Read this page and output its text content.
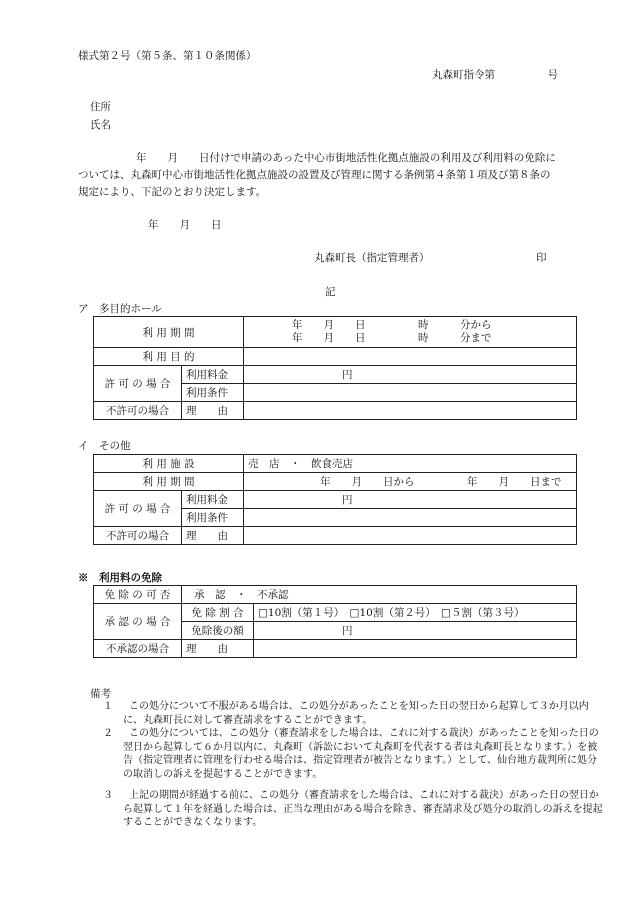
様式第２号（第５条、第１０条関係）
丸森町指令第　　　　　号
住所
氏名
年　　月　　日付けで申請のあった中心市街地活性化拠点施設の利用及び利用料の免除については、丸森町中心市街地活性化拠点施設の設置及び管理に関する条例第４条第１項及び第８条の規定により、下記のとおり決定します。
年　　月　　日
丸森町長（指定管理者）	印
記
ア　多目的ホール
利 用 期 間		年　　月　　日　　　　　時　　　分から
年　　月　　日　　　　　時　　　分まで

利 用 目 的		
許 可 の 場 合	利用料金	円
	利用条件	
不許可の場合	理　　由	
イ　その他
利 用 施 設		売　店　・　飲食売店
利 用 期 間		年　　月　　日から　　　　　年　　月　　日まで
許 可 の 場 合	利用料金	円
	利用条件	
不許可の場合	理　　由	
※　利用料の免除
免 除 の 可 否	承　認　・　不承認	
承 認 の 場 合	免 除 割 合	□10割（第１号）　□10割（第２号）　□５割（第３号）
	免除後の額	円
不承認の場合	理　　由	
備考
１	この処分について不服がある場合は、この処分があったことを知った日の翌日から起算して３か月以内に、丸森町長に対して審査請求をすることができます。
２	この処分については、この処分（審査請求をした場合は、これに対する裁決）があったことを知った日の翌日から起算して６か月以内に、丸森町（訴訟において丸森町を代表する者は丸森町長となります。）を被告（指定管理者に管理を行わせる場合は、指定管理者が被告となります。）として、仙台地方裁判所に処分の取消しの訴えを提起することができます。
３	上記の期間が経過する前に、この処分（審査請求をした場合は、これに対する裁決）があった日の翌日から起算して１年を経過した場合は、正当な理由がある場合を除き、審査請求及び処分の取消しの訴えを提起することができなくなります。
